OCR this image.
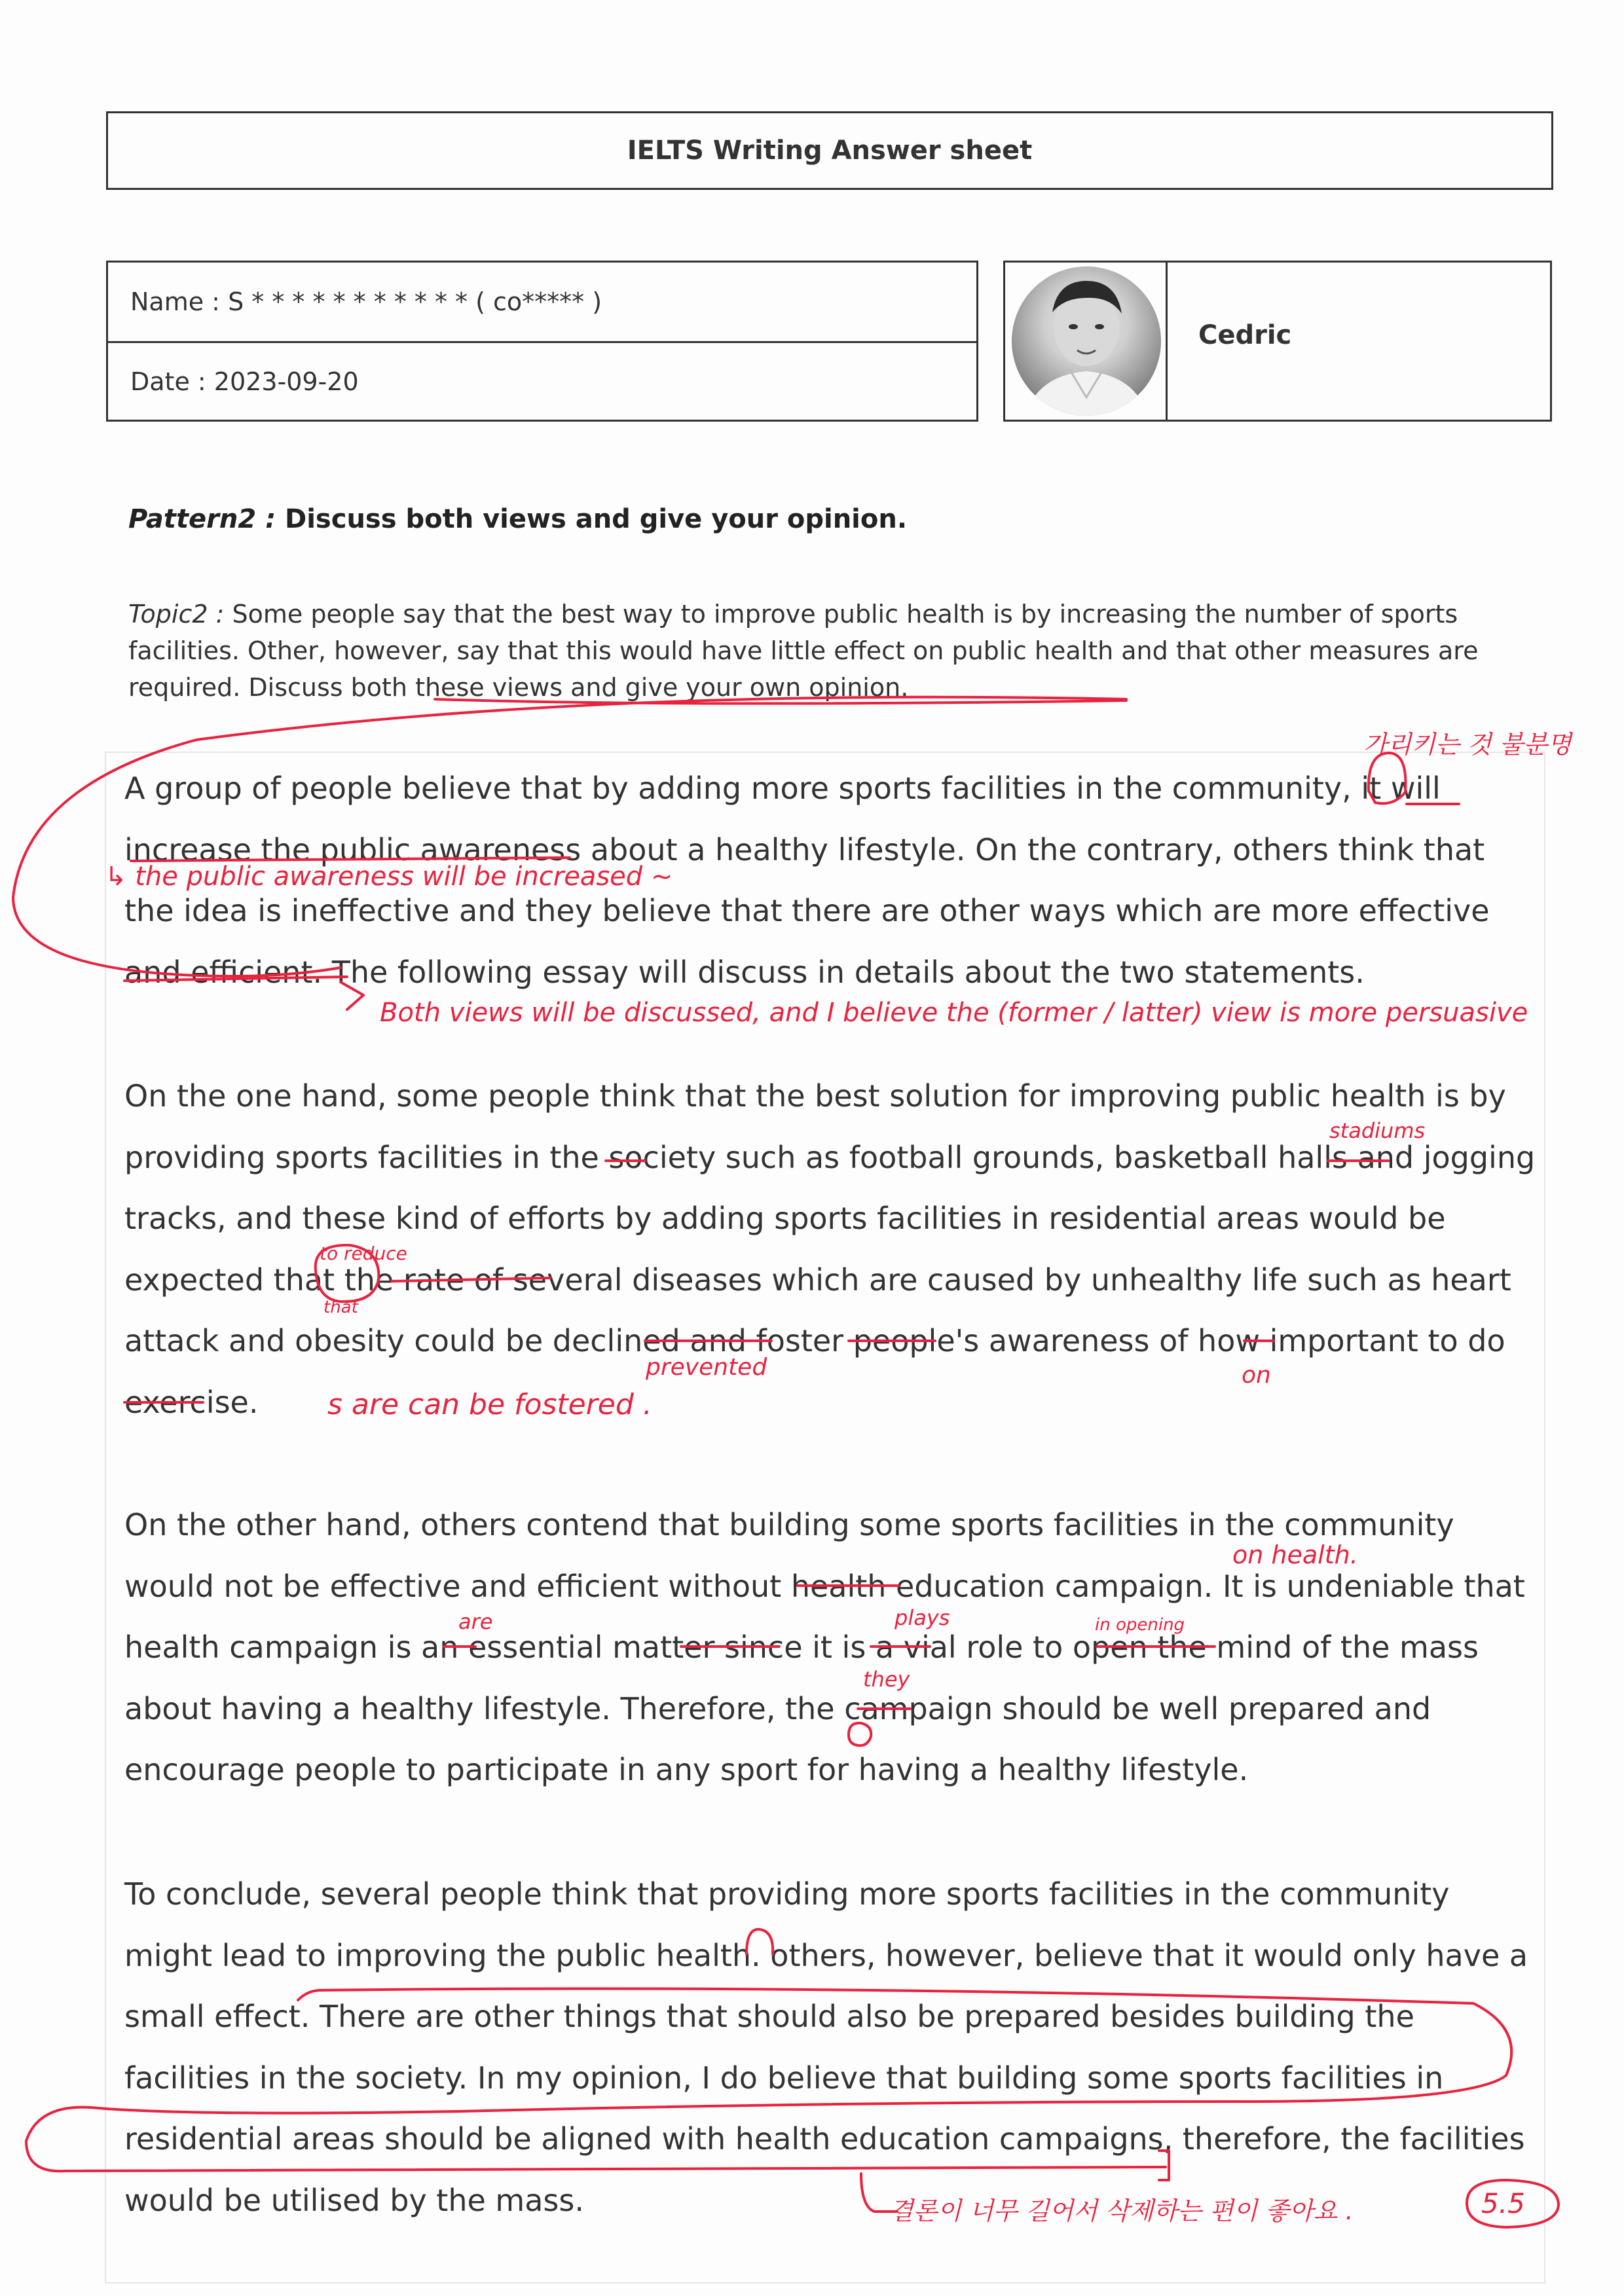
IELTS Writing Answer sheet
Name : S * * * * * * * * * * * ( co***** )
Date : 2023-09-20
Cedric
Pattern2 : Discuss both views and give your opinion.
Topic2 : Some people say that the best way to improve public health is by increasing the number of sports facilities. Other, however, say that this would have little effect on public health and that other measures are required. Discuss both these views and give your own opinion.
A group of people believe that by adding more sports facilities in the community, it will increase the public awareness about a healthy lifestyle. On the contrary, others think that the idea is ineffective and they believe that there are other ways which are more effective and efficient. The following essay will discuss in details about the two statements.
On the one hand, some people think that the best solution for improving public health is by providing sports facilities in the society such as football grounds, basketball halls and jogging tracks, and these kind of efforts by adding sports facilities in residential areas would be expected that the rate of several diseases which are caused by unhealthy life such as heart attack and obesity could be declined and foster people's awareness of how important to do exercise.
On the other hand, others contend that building some sports facilities in the community would not be effective and efficient without health education campaign. It is undeniable that health campaign is an essential matter since it is a vial role to open the mind of the mass about having a healthy lifestyle. Therefore, the campaign should be well prepared and encourage people to participate in any sport for having a healthy lifestyle.
To conclude, several people think that providing more sports facilities in the community might lead to improving the public health. others, however, believe that it would only have a small effect. There are other things that should also be prepared besides building the facilities in the society. In my opinion, I do believe that building some sports facilities in residential areas should be aligned with health education campaigns, therefore, the facilities would be utilised by the mass.
가리키는 것 불분명
↳ the public awareness will be increased ~
Both views will be discussed, and I believe the (former / latter) view is more persuasive
stadiums
to reduce
that
prevented	on
s are can be fostered .
on health.
are	plays	in opening
they
결론이 너무 길어서 삭제하는 편이 좋아요 .	5.5
